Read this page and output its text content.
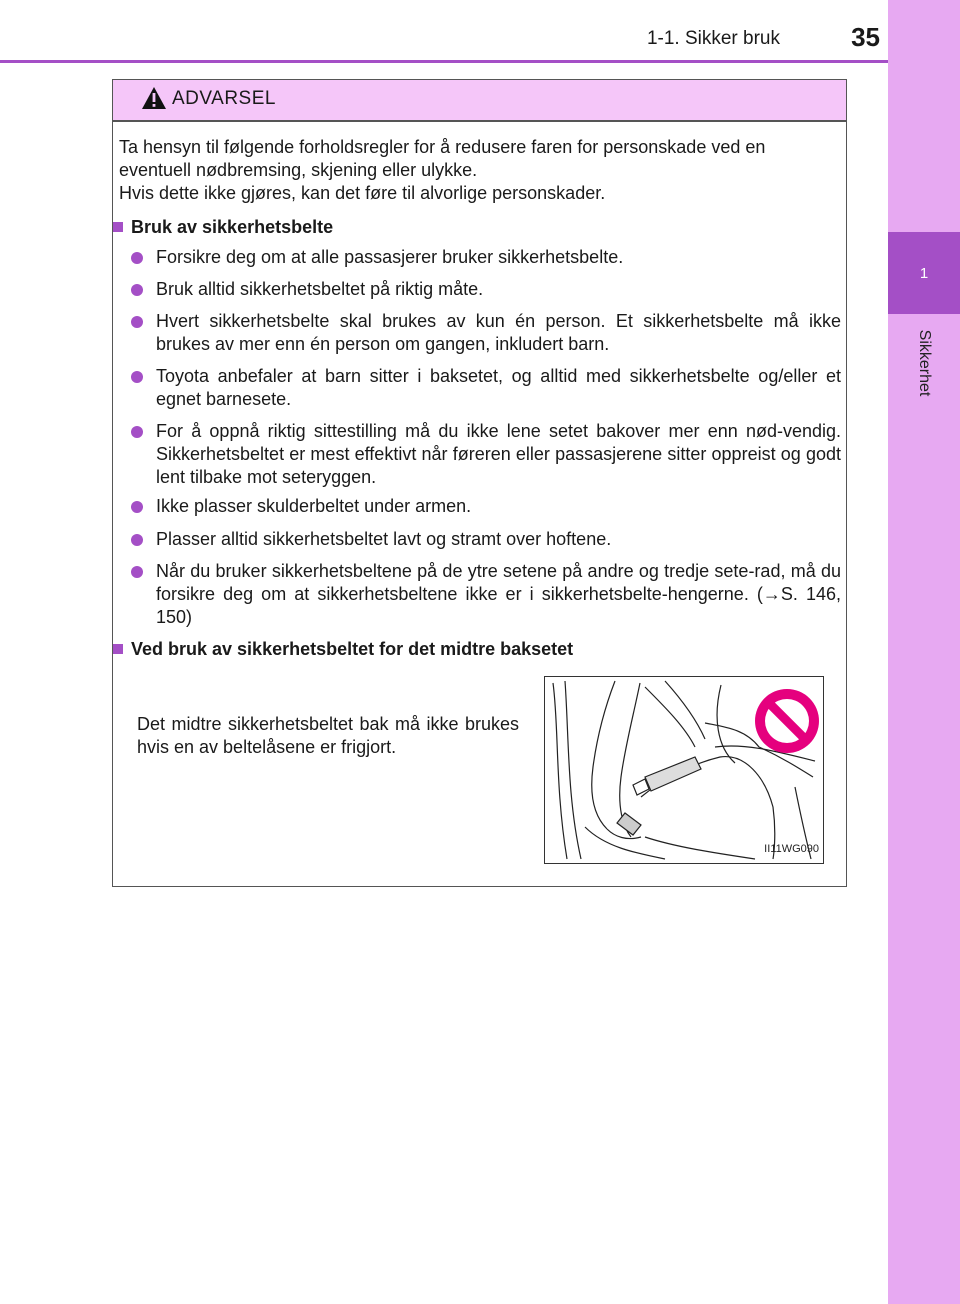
1
Sikkerhet
1-1. Sikker bruk	35
ADVARSEL

Ta hensyn til følgende forholdsregler for å redusere faren for personskade ved en eventuell nødbremsing, skjening eller ulykke.

Hvis dette ikke gjøres, kan det føre til alvorlige personskader.

Bruk av sikkerhetsbelte
Forsikre deg om at alle passasjerer bruker sikkerhetsbelte.
Bruk alltid sikkerhetsbeltet på riktig måte.
Hvert sikkerhetsbelte skal brukes av kun én person. Et sikkerhetsbelte må ikke brukes av mer enn én person om gangen, inkludert barn.
Toyota anbefaler at barn sitter i baksetet, og alltid med sikkerhetsbelte og/eller et egnet barnesete.
For å oppnå riktig sittestilling må du ikke lene setet bakover mer enn nød-vendig. Sikkerhetsbeltet er mest effektivt når føreren eller passasjerene sitter oppreist og godt lent tilbake mot seteryggen.
Ikke plasser skulderbeltet under armen.
Plasser alltid sikkerhetsbeltet lavt og stramt over hoftene.
Når du bruker sikkerhetsbeltene på de ytre setene på andre og tredje sete-rad, må du forsikre deg om at sikkerhetsbeltene ikke er i sikkerhetsbelte-hengerne. (→S. 146, 150)
Ved bruk av sikkerhetsbeltet for det midtre baksetet
Det midtre sikkerhetsbeltet bak må ikke brukes hvis en av beltelåsene er frigjort.
II11WG090
